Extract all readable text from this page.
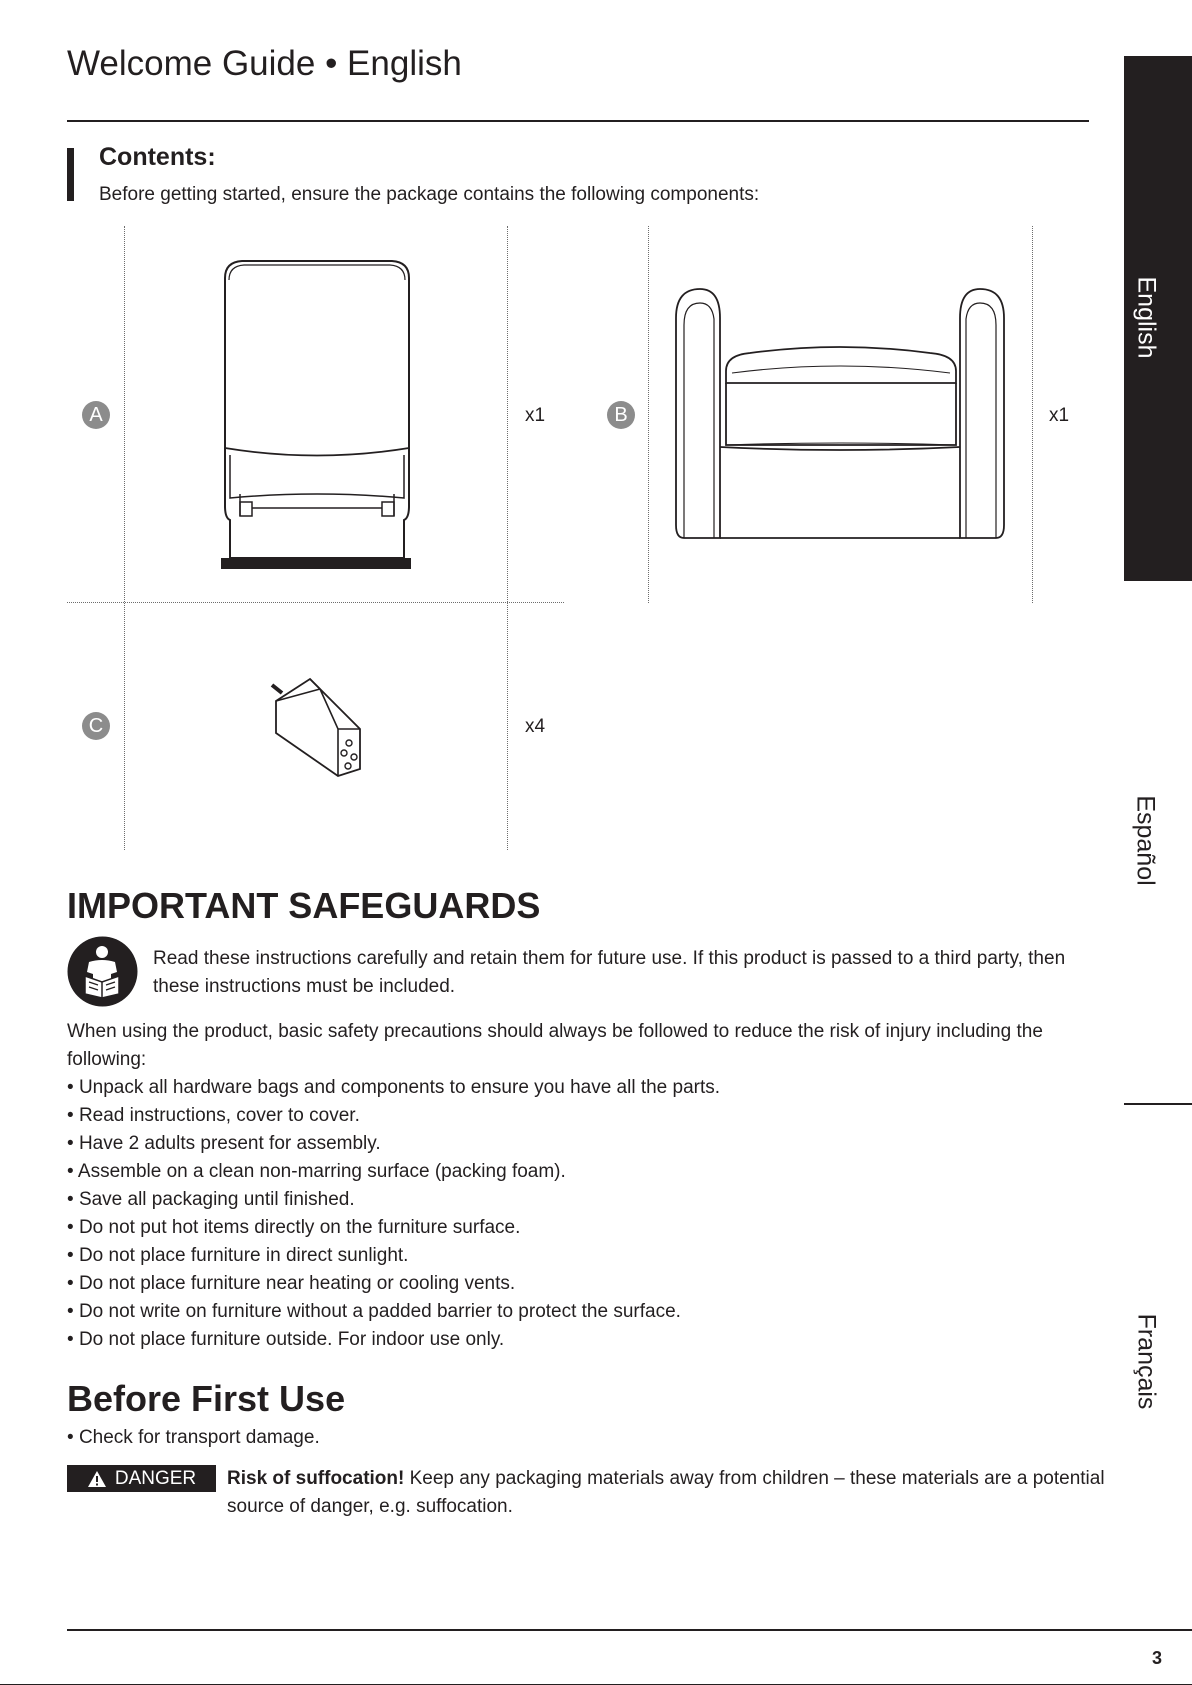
Welcome Guide • English
Contents:
Before getting started, ensure the package contains the following components:
A	x1	B	x1
C	x4
IMPORTANT SAFEGUARDS
Read these instructions carefully and retain them for future use. If this product is passed to a third party, then these instructions must be included.
When using the product, basic safety precautions should always be followed to reduce the risk of injury including the following:
• Unpack all hardware bags and components to ensure you have all the parts.
• Read instructions, cover to cover.
• Have 2 adults present for assembly.
• Assemble on a clean non-marring surface (packing foam).
• Save all packaging until finished.
• Do not put hot items directly on the furniture surface.
• Do not place furniture in direct sunlight.
• Do not place furniture near heating or cooling vents.
• Do not write on furniture without a padded barrier to protect the surface.
• Do not place furniture outside. For indoor use only.
Before First Use
• Check for transport damage.
DANGER Risk of suffocation! Keep any packaging materials away from children – these materials are a potential source of danger, e.g. suffocation.
English
Español
Français
3
